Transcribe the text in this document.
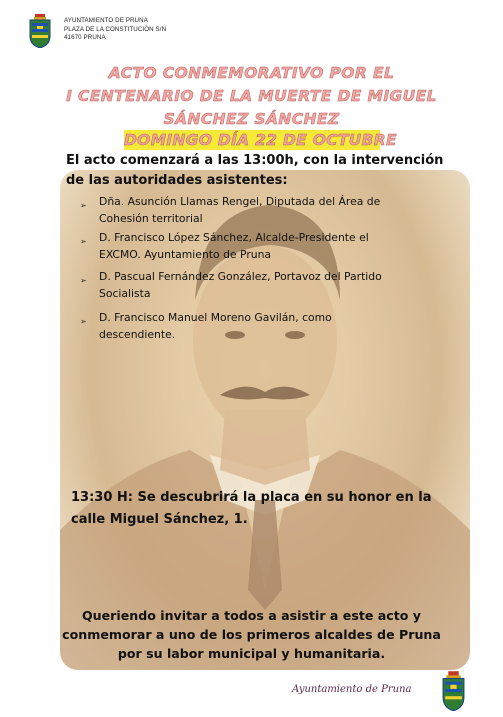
AYUNTAMIENTO DE PRUNA
PLAZA DE LA CONSTITUCIÓN S/N
41670 PRUNA
ACTO CONMEMORATIVO POR EL
I CENTENARIO DE LA MUERTE DE MIGUEL
SÁNCHEZ SÁNCHEZ
DOMINGO DÍA 22 DE OCTUBRE
El acto comenzará a las 13:00h, con la intervención
de las autoridades asistentes:
➢ Dña. Asunción Llamas Rengel, Diputada del Área de
Cohesión territorial
➢ D. Francisco López Sánchez, Alcalde-Presidente el
EXCMO. Ayuntamiento de Pruna
➢ D. Pascual Fernández González, Portavoz del Partido
Socialista
➢ D. Francisco Manuel Moreno Gavilán, como
descendiente.
13:30 H: Se descubrirá la placa en su honor en la
calle Miguel Sánchez, 1.
Queriendo invitar a todos a asistir a este acto y
conmemorar a uno de los primeros alcaldes de Pruna
por su labor municipal y humanitaria.
Ayuntamiento de Pruna
